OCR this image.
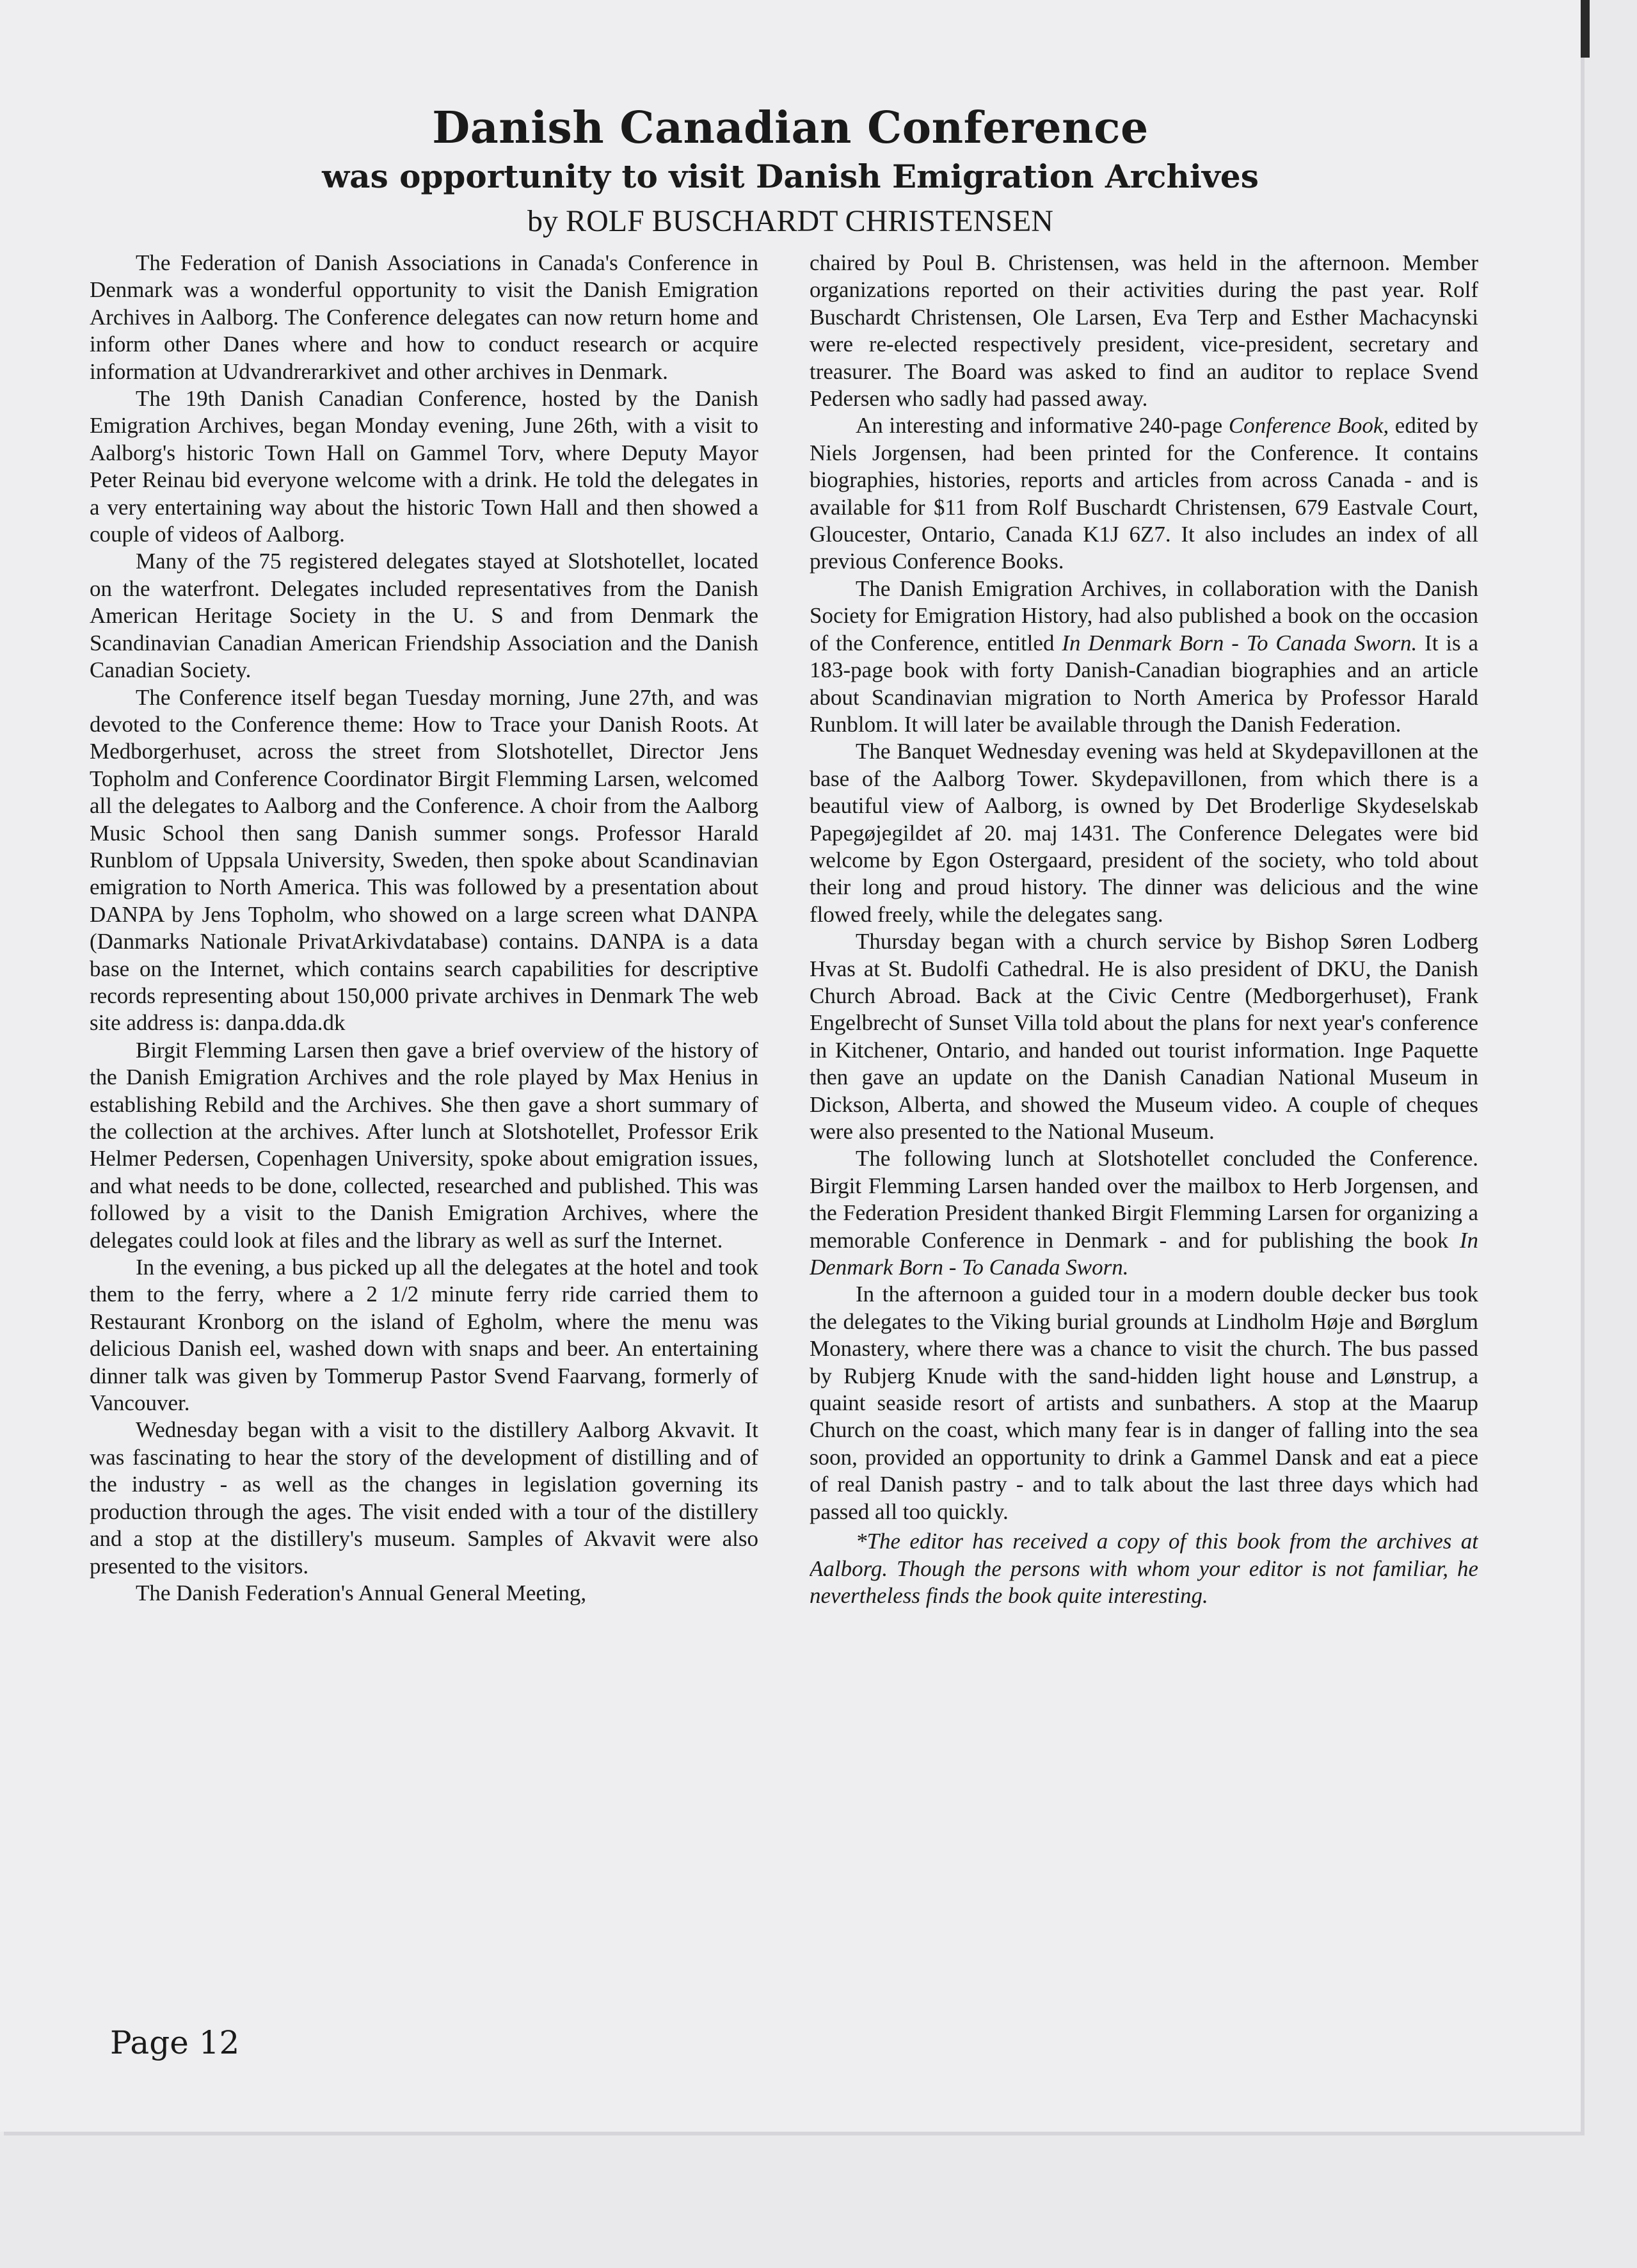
Danish Canadian Conference
was opportunity to visit Danish Emigration Archives

by ROLF BUSCHARDT CHRISTENSEN

The Federation of Danish Associations in Canada's Conference in Denmark was a wonderful opportunity to visit the Danish Emigration Archives in Aalborg. The Conference delegates can now return home and inform other Danes where and how to conduct research or acquire information at Udvandrerarkivet and other archives in Denmark.

The 19th Danish Canadian Conference, hosted by the Danish Emigration Archives, began Monday evening, June 26th, with a visit to Aalborg's historic Town Hall on Gammel Torv, where Deputy Mayor Peter Reinau bid everyone welcome with a drink. He told the delegates in a very entertaining way about the historic Town Hall and then showed a couple of videos of Aalborg.

Many of the 75 registered delegates stayed at Slotshotellet, located on the waterfront. Delegates included representatives from the Danish American Heritage Society in the U. S and from Denmark the Scandinavian Canadian American Friendship Association and the Danish Canadian Society.

The Conference itself began Tuesday morning, June 27th, and was devoted to the Conference theme: How to Trace your Danish Roots. At Medborgerhuset, across the street from Slotshotellet, Director Jens Topholm and Conference Coordinator Birgit Flemming Larsen, welcomed all the delegates to Aalborg and the Conference. A choir from the Aalborg Music School then sang Danish summer songs. Professor Harald Runblom of Uppsala University, Sweden, then spoke about Scandinavian emigration to North America. This was followed by a presentation about DANPA by Jens Topholm, who showed on a large screen what DANPA (Danmarks Nationale PrivatArkivdatabase) contains. DANPA is a data base on the Internet, which contains search capabilities for descriptive records representing about 150,000 private archives in Denmark The web site address is: danpa.dda.dk

Birgit Flemming Larsen then gave a brief overview of the history of the Danish Emigration Archives and the role played by Max Henius in establishing Rebild and the Archives. She then gave a short summary of the collection at the archives. After lunch at Slotshotellet, Professor Erik Helmer Pedersen, Copenhagen University, spoke about emigration issues, and what needs to be done, collected, researched and published. This was followed by a visit to the Danish Emigration Archives, where the delegates could look at files and the library as well as surf the Internet.

In the evening, a bus picked up all the delegates at the hotel and took them to the ferry, where a 2 1/2 minute ferry ride carried them to Restaurant Kronborg on the island of Egholm, where the menu was delicious Danish eel, washed down with snaps and beer. An entertaining dinner talk was given by Tommerup Pastor Svend Faarvang, formerly of Vancouver.

Wednesday began with a visit to the distillery Aalborg Akvavit. It was fascinating to hear the story of the development of distilling and of the industry - as well as the changes in legislation governing its production through the ages. The visit ended with a tour of the distillery and a stop at the distillery's museum. Samples of Akvavit were also presented to the visitors.

The Danish Federation's Annual General Meeting,

chaired by Poul B. Christensen, was held in the afternoon. Member organizations reported on their activities during the past year. Rolf Buschardt Christensen, Ole Larsen, Eva Terp and Esther Machacynski were re-elected respectively president, vice-president, secretary and treasurer. The Board was asked to find an auditor to replace Svend Pedersen who sadly had passed away.

An interesting and informative 240-page Conference Book, edited by Niels Jorgensen, had been printed for the Conference. It contains biographies, histories, reports and articles from across Canada - and is available for $11 from Rolf Buschardt Christensen, 679 Eastvale Court, Gloucester, Ontario, Canada K1J 6Z7. It also includes an index of all previous Conference Books.

The Danish Emigration Archives, in collaboration with the Danish Society for Emigration History, had also published a book on the occasion of the Conference, entitled In Denmark Born - To Canada Sworn. It is a 183-page book with forty Danish-Canadian biographies and an article about Scandinavian migration to North America by Professor Harald Runblom. It will later be available through the Danish Federation.

The Banquet Wednesday evening was held at Skydepavillonen at the base of the Aalborg Tower. Skydepavillonen, from which there is a beautiful view of Aalborg, is owned by Det Broderlige Skydeselskab Papegøjegildet af 20. maj 1431. The Conference Delegates were bid welcome by Egon Ostergaard, president of the society, who told about their long and proud history. The dinner was delicious and the wine flowed freely, while the delegates sang.

Thursday began with a church service by Bishop Søren Lodberg Hvas at St. Budolfi Cathedral. He is also president of DKU, the Danish Church Abroad. Back at the Civic Centre (Medborgerhuset), Frank Engelbrecht of Sunset Villa told about the plans for next year's conference in Kitchener, Ontario, and handed out tourist information. Inge Paquette then gave an update on the Danish Canadian National Museum in Dickson, Alberta, and showed the Museum video. A couple of cheques were also presented to the National Museum.

The following lunch at Slotshotellet concluded the Conference. Birgit Flemming Larsen handed over the mailbox to Herb Jorgensen, and the Federation President thanked Birgit Flemming Larsen for organizing a memorable Conference in Denmark - and for publishing the book In Denmark Born - To Canada Sworn.

In the afternoon a guided tour in a modern double decker bus took the delegates to the Viking burial grounds at Lindholm Høje and Børglum Monastery, where there was a chance to visit the church. The bus passed by Rubjerg Knude with the sand-hidden light house and Lønstrup, a quaint seaside resort of artists and sunbathers. A stop at the Maarup Church on the coast, which many fear is in danger of falling into the sea soon, provided an opportunity to drink a Gammel Dansk and eat a piece of real Danish pastry - and to talk about the last three days which had passed all too quickly.

*The editor has received a copy of this book from the archives at Aalborg. Though the persons with whom your editor is not familiar, he nevertheless finds the book quite interesting.

Page 12
